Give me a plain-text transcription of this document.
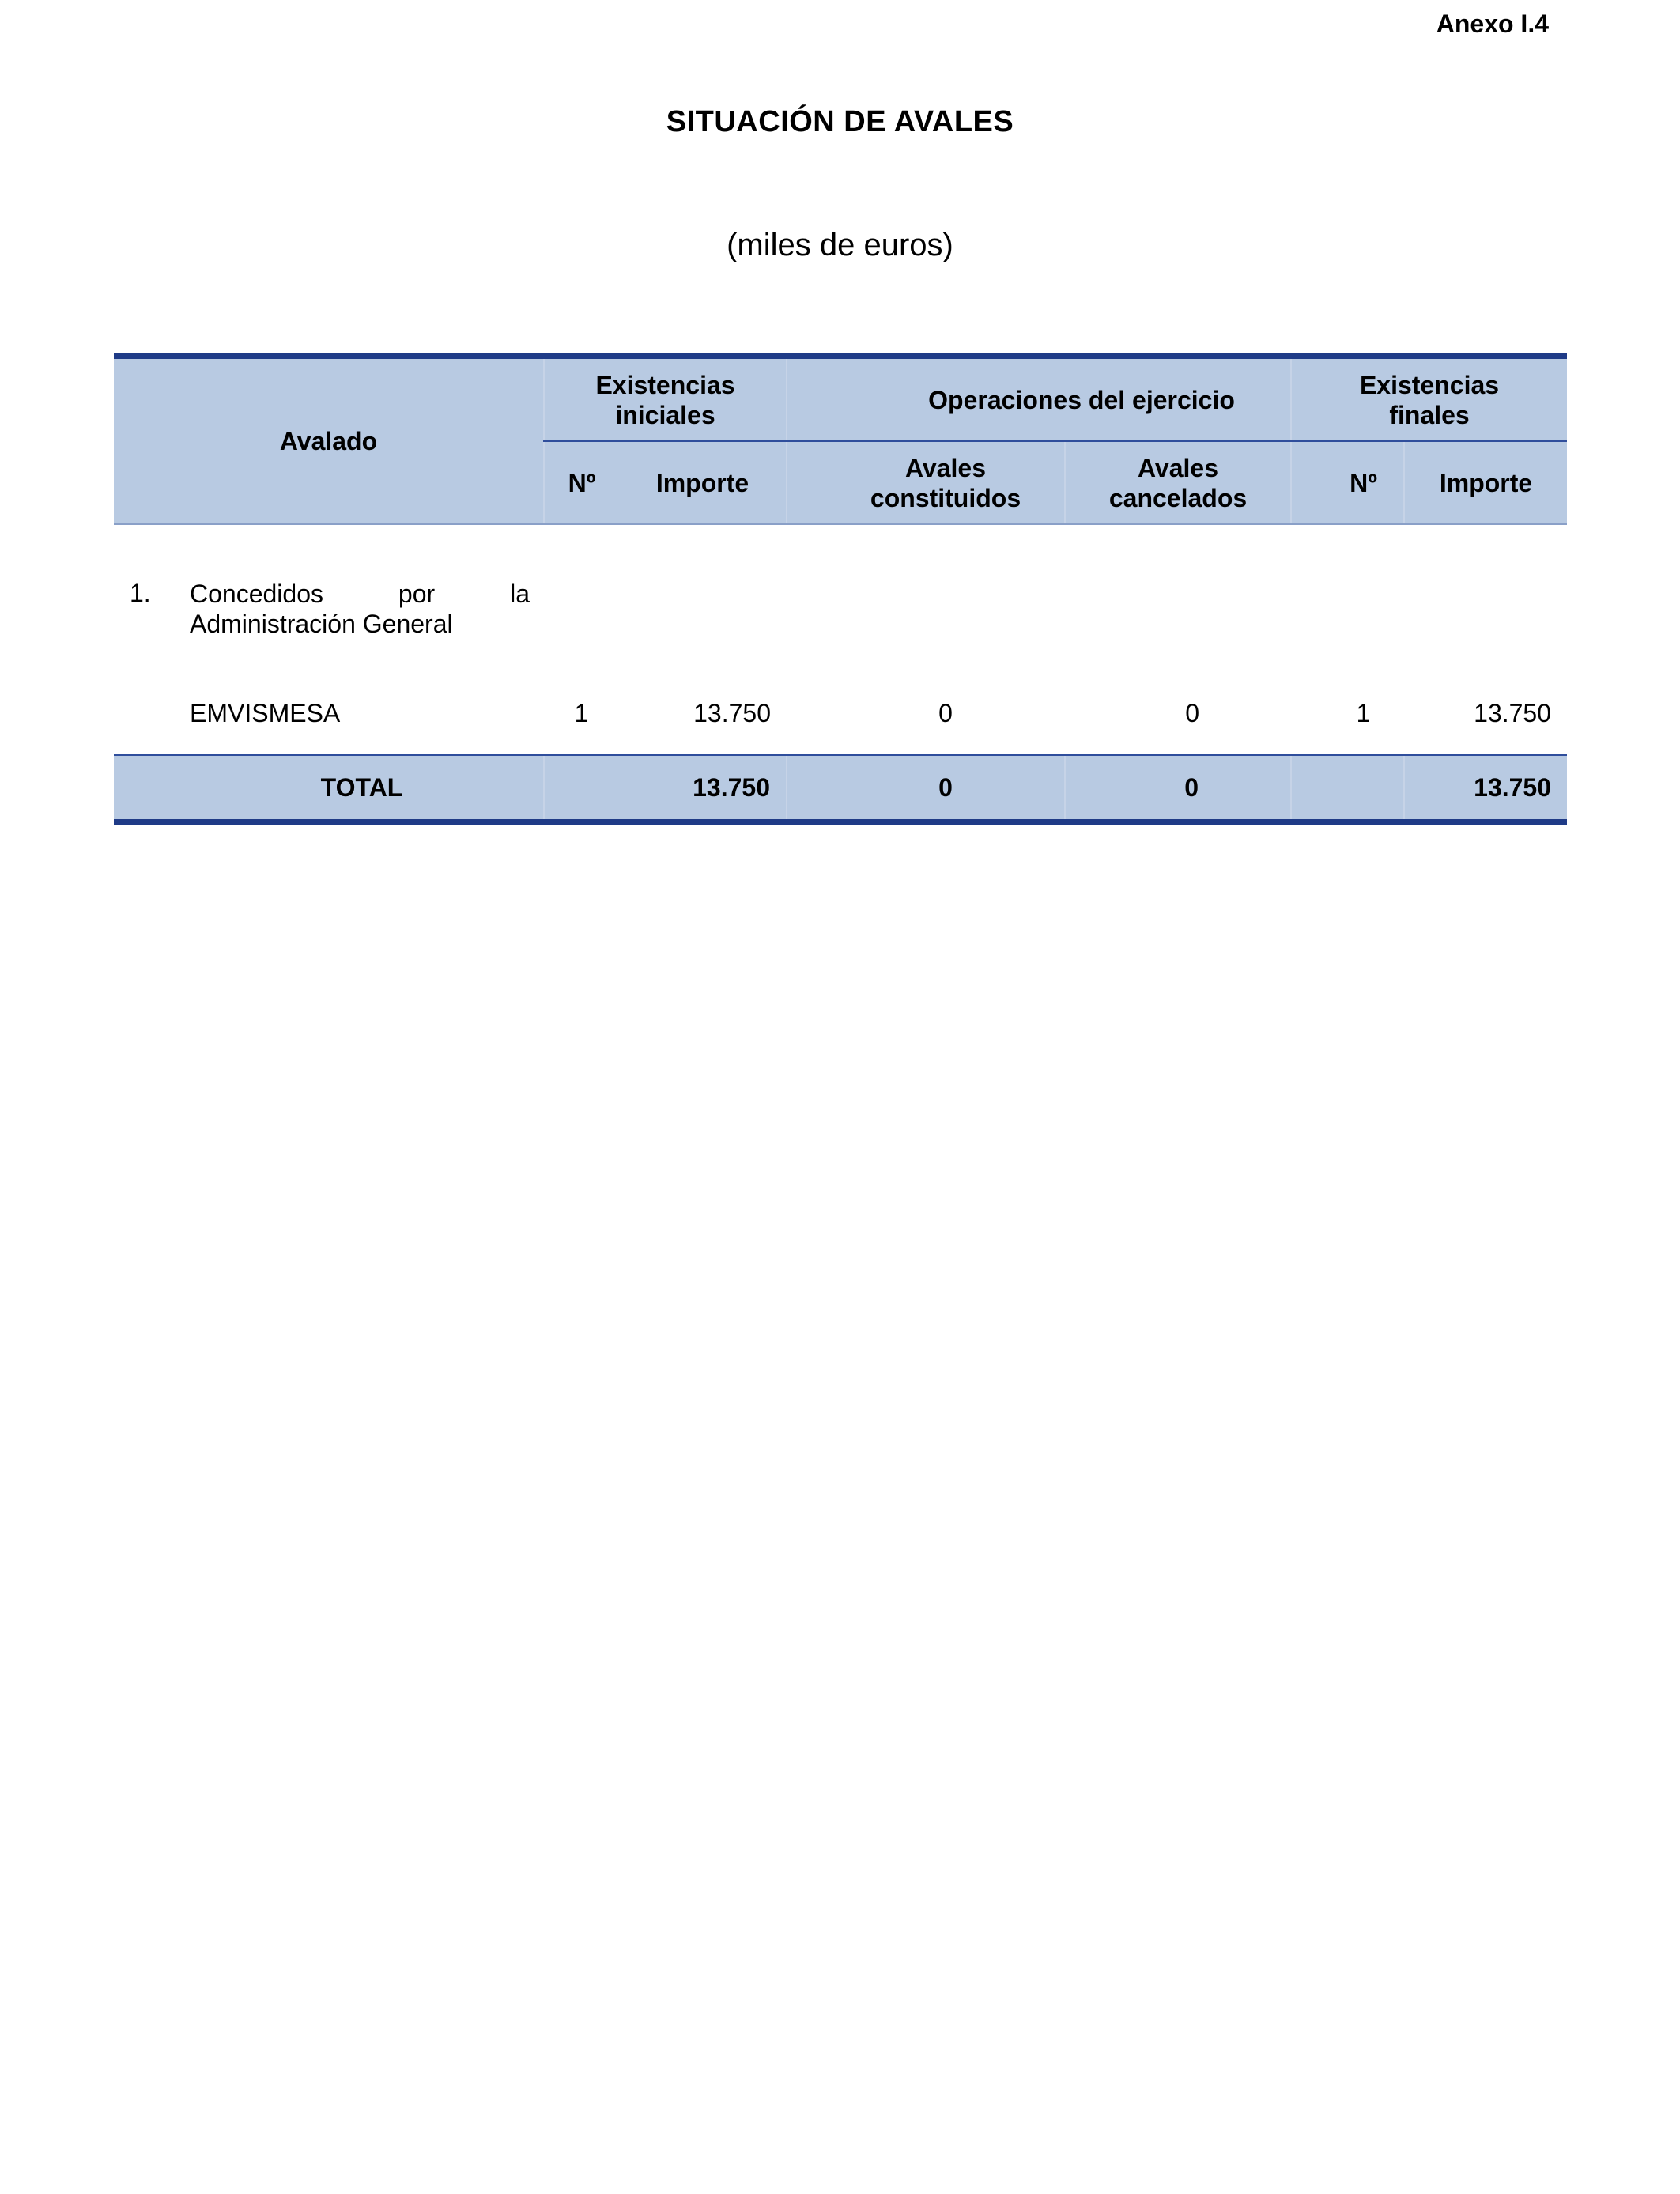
Anexo I.4
SITUACIÓN DE AVALES
(miles de euros)
Avalado	Existencias iniciales		Operaciones del ejercicio		Existencias finales	

	Nº	Importe	Avales constituidos	Avales cancelados	Nº	Importe

1. Concedidos por la
Administración General						

EMVISMESA	1	13.750	0	0	1	13.750

TOTAL		13.750	0	0		13.750
